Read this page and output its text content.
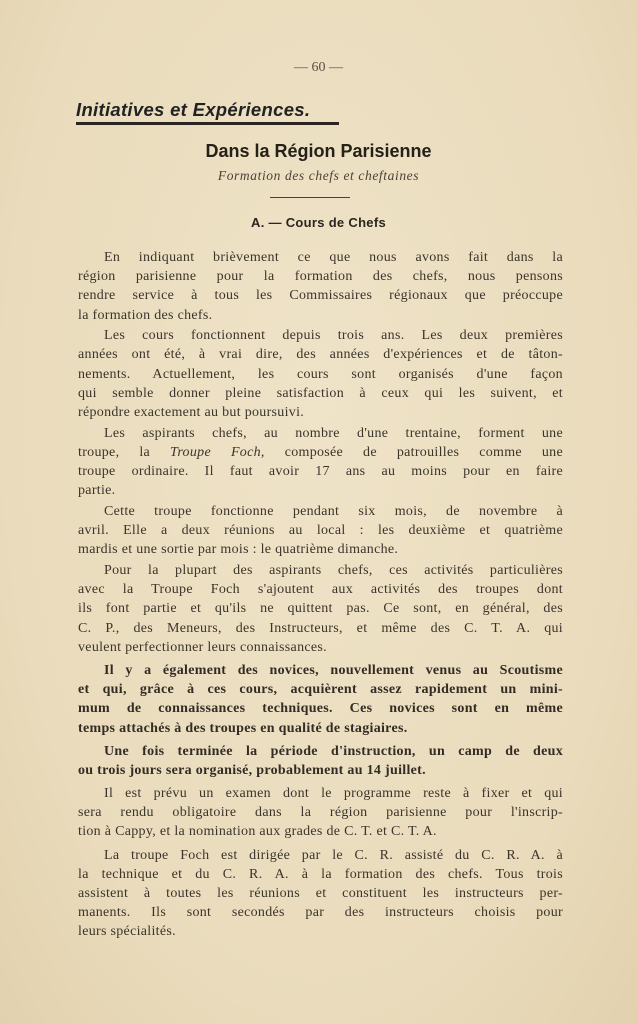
— 60 —
Initiatives et Expériences.
Dans la Région Parisienne
Formation des chefs et cheftaines
A. — Cours de Chefs
En indiquant brièvement ce que nous avons fait dans la
région parisienne pour la formation des chefs, nous pensons
rendre service à tous les Commissaires régionaux que préoccupe
la formation des chefs.
Les cours fonctionnent depuis trois ans. Les deux premières
années ont été, à vrai dire, des années d'expériences et de tâton-
nements. Actuellement, les cours sont organisés d'une façon
qui semble donner pleine satisfaction à ceux qui les suivent, et
répondre exactement au but poursuivi.
Les aspirants chefs, au nombre d'une trentaine, forment une
troupe, la Troupe Foch, composée de patrouilles comme une
troupe ordinaire. Il faut avoir 17 ans au moins pour en faire
partie.
Cette troupe fonctionne pendant six mois, de novembre à
avril. Elle a deux réunions au local : les deuxième et quatrième
mardis et une sortie par mois : le quatrième dimanche.
Pour la plupart des aspirants chefs, ces activités particulières
avec la Troupe Foch s'ajoutent aux activités des troupes dont
ils font partie et qu'ils ne quittent pas. Ce sont, en général, des
C. P., des Meneurs, des Instructeurs, et même des C. T. A. qui
veulent perfectionner leurs connaissances.
Il y a également des novices, nouvellement venus au Scoutisme
et qui, grâce à ces cours, acquièrent assez rapidement un mini-
mum de connaissances techniques. Ces novices sont en même
temps attachés à des troupes en qualité de stagiaires.
Une fois terminée la période d'instruction, un camp de deux
ou trois jours sera organisé, probablement au 14 juillet.
Il est prévu un examen dont le programme reste à fixer et qui
sera rendu obligatoire dans la région parisienne pour l'inscrip-
tion à Cappy, et la nomination aux grades de C. T. et C. T. A.
La troupe Foch est dirigée par le C. R. assisté du C. R. A. à
la technique et du C. R. A. à la formation des chefs. Tous trois
assistent à toutes les réunions et constituent les instructeurs per-
manents. Ils sont secondés par des instructeurs choisis pour
leurs spécialités.
